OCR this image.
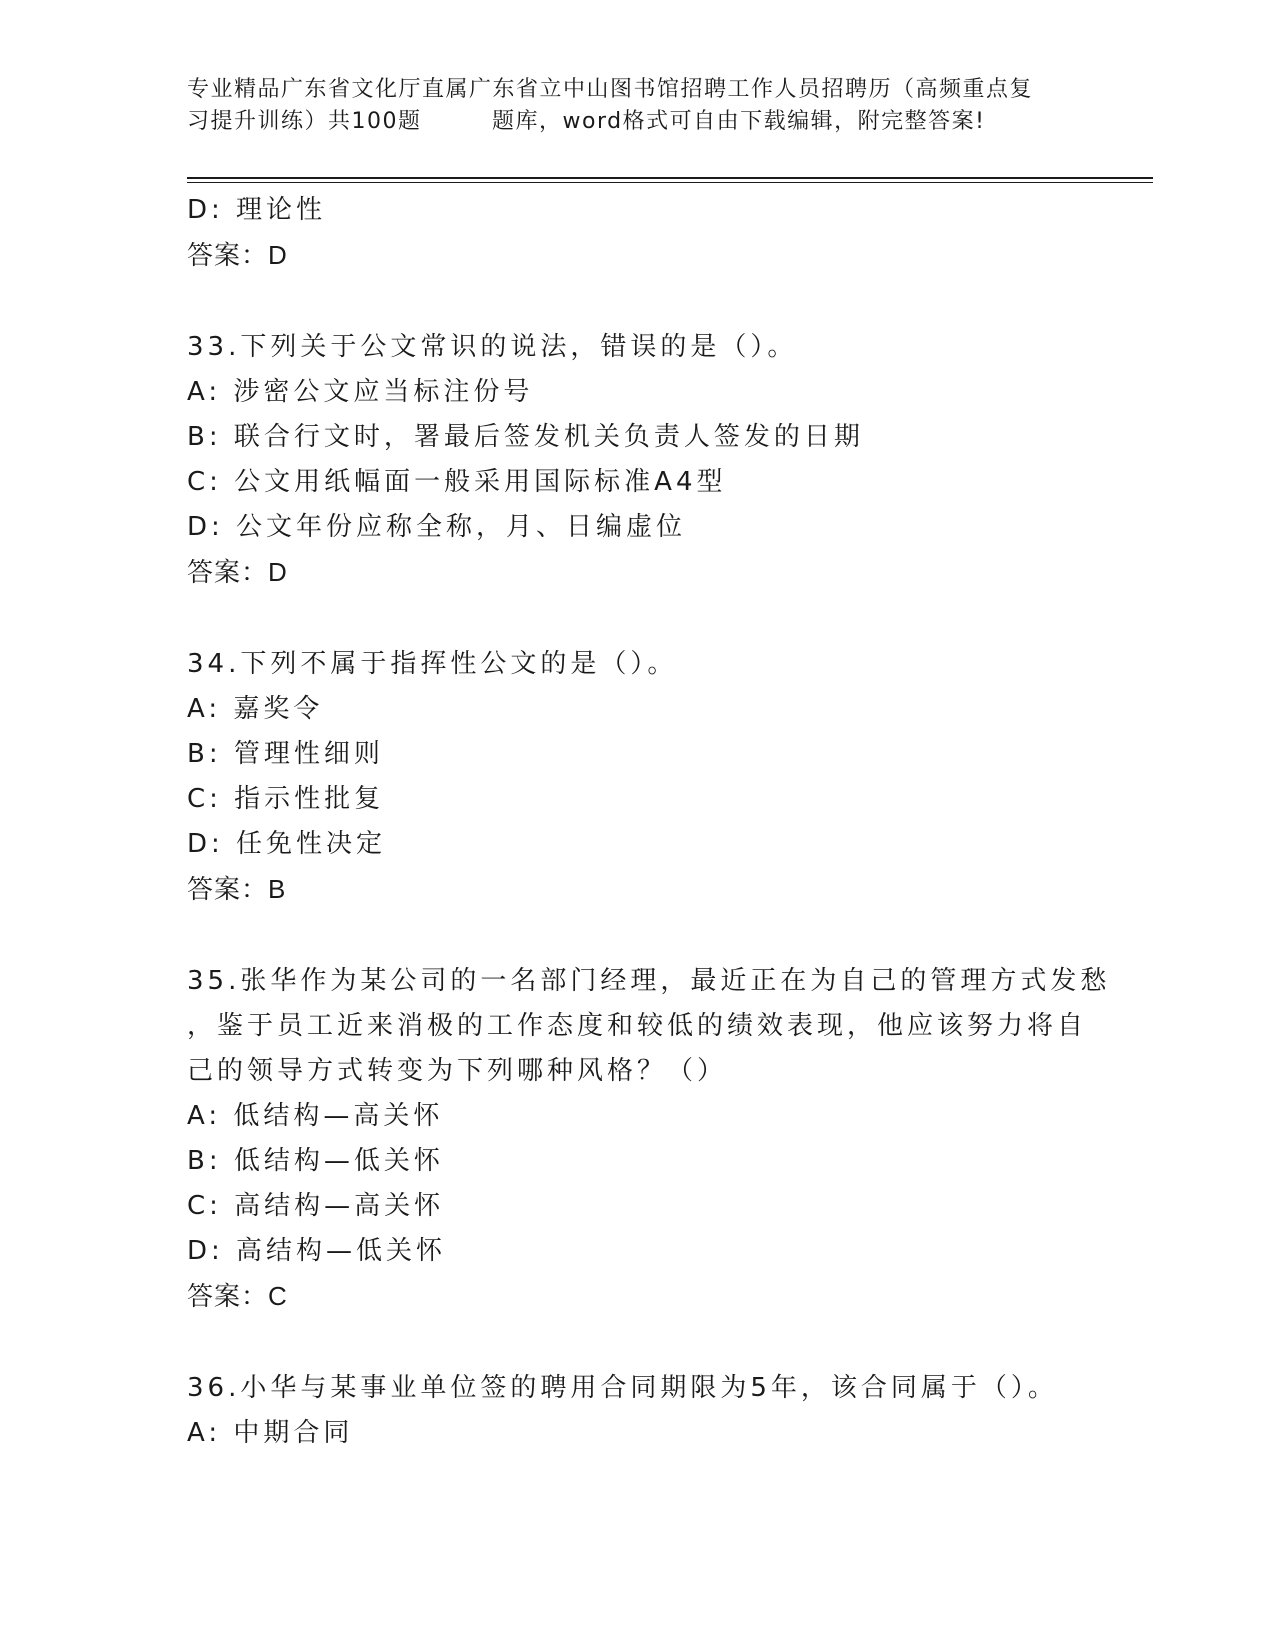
专业精品广东省文化厅直属广东省立中山图书馆招聘工作人员招聘历（高频重点复
习提升训练）共100题　　　题库，word格式可自由下载编辑，附完整答案!
D: 理论性
答案：D
33.下列关于公文常识的说法，错误的是（）。
A: 涉密公文应当标注份号
B: 联合行文时，署最后签发机关负责人签发的日期
C: 公文用纸幅面一般采用国际标准A4型
D: 公文年份应称全称，月、日编虚位
答案：D
34.下列不属于指挥性公文的是（）。
A: 嘉奖令
B: 管理性细则
C: 指示性批复
D: 任免性决定
答案：B
35.张华作为某公司的一名部门经理，最近正在为自己的管理方式发愁
，鉴于员工近来消极的工作态度和较低的绩效表现，他应该努力将自
己的领导方式转变为下列哪种风格？（）
A: 低结构—高关怀
B: 低结构—低关怀
C: 高结构—高关怀
D: 高结构—低关怀
答案：C
36.小华与某事业单位签的聘用合同期限为5年，该合同属于（）。
A: 中期合同
